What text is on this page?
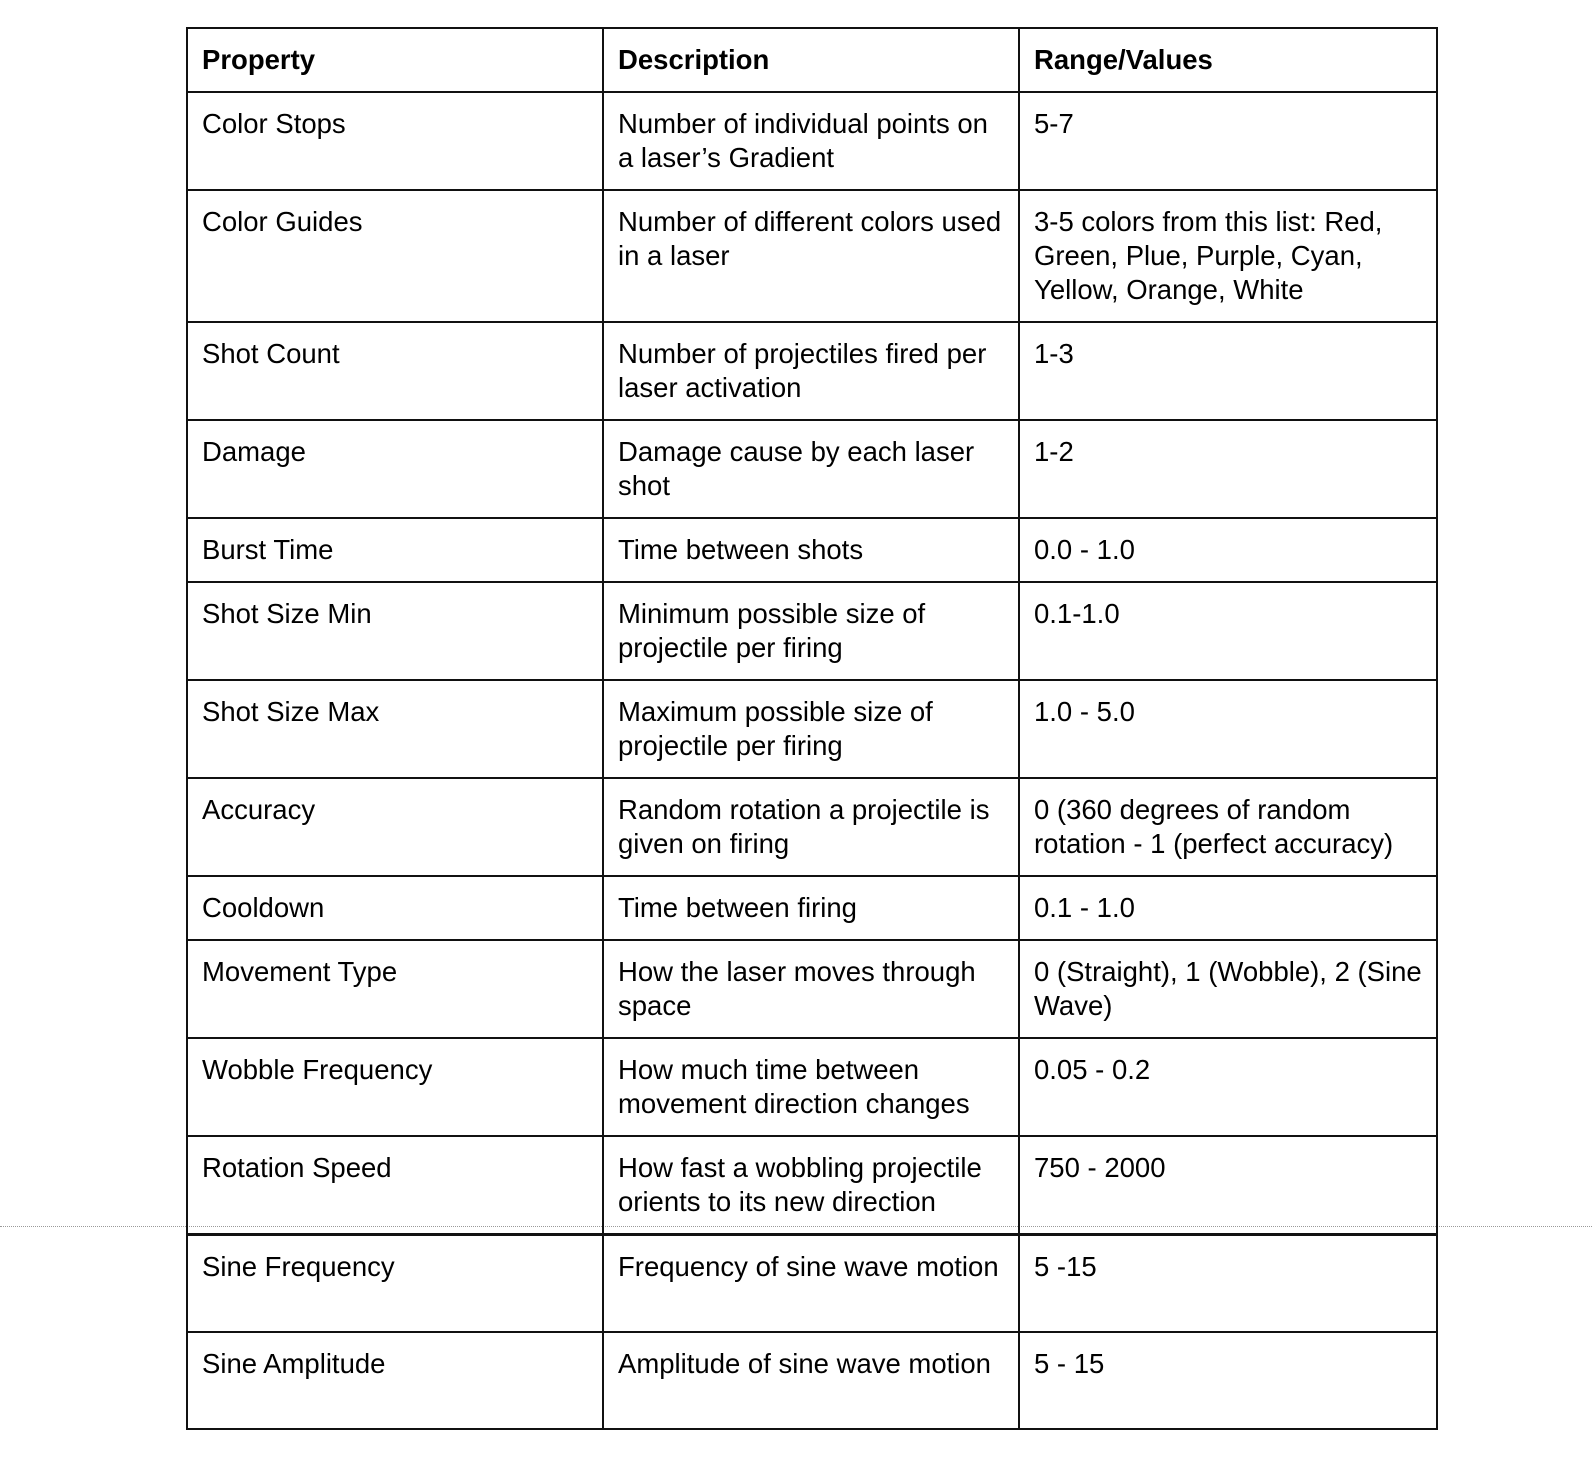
Property	Description	Range/Values
Color Stops	Number of individual points on a laser’s Gradient	5-7
Color Guides	Number of different colors used in a laser	3-5 colors from this list: Red, Green, Plue, Purple, Cyan, Yellow, Orange, White
Shot Count	Number of projectiles fired per laser activation	1-3
Damage	Damage cause by each laser shot	1-2
Burst Time	Time between shots	0.0 - 1.0
Shot Size Min	Minimum possible size of projectile per firing	0.1-1.0
Shot Size Max	Maximum possible size of projectile per firing	1.0 - 5.0
Accuracy	Random rotation a projectile is given on firing	0 (360 degrees of random rotation - 1 (perfect accuracy)
Cooldown	Time between firing	0.1 - 1.0
Movement Type	How the laser moves through space	0 (Straight), 1 (Wobble), 2 (Sine Wave)
Wobble Frequency	How much time between movement direction changes	0.05 - 0.2
Rotation Speed	How fast a wobbling projectile orients to its new direction	750 - 2000
Sine Frequency	Frequency of sine wave motion	5 -15
Sine Amplitude	Amplitude of sine wave motion	5 - 15
